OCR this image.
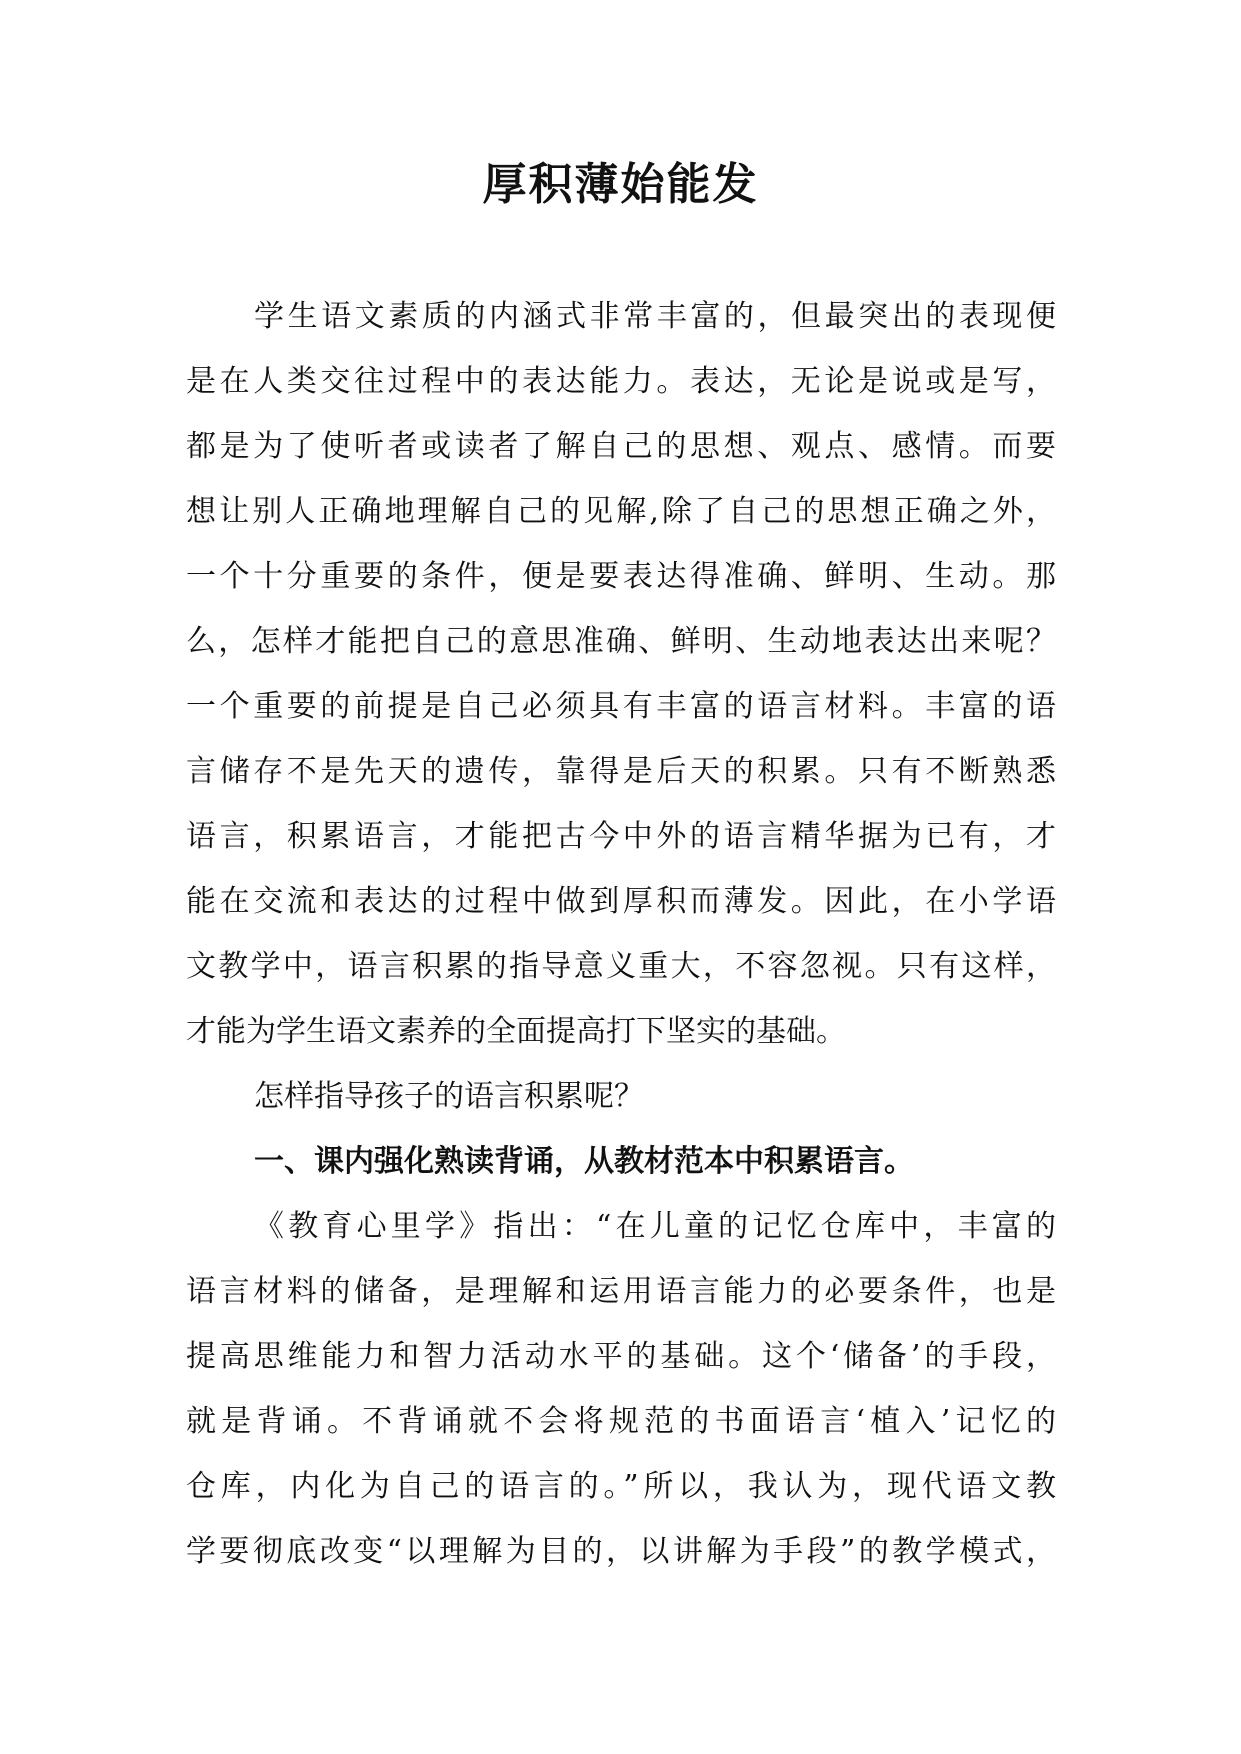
厚积薄始能发
学生语文素质的内涵式非常丰富的，但最突出的表现便
是在人类交往过程中的表达能力。表达，无论是说或是写，
都是为了使听者或读者了解自己的思想、观点、感情。而要
想让别人正确地理解自己的见解,除了自己的思想正确之外，
一个十分重要的条件，便是要表达得准确、鲜明、生动。那
么，怎样才能把自己的意思准确、鲜明、生动地表达出来呢？
一个重要的前提是自己必须具有丰富的语言材料。丰富的语
言储存不是先天的遗传，靠得是后天的积累。只有不断熟悉
语言，积累语言，才能把古今中外的语言精华据为已有，才
能在交流和表达的过程中做到厚积而薄发。因此，在小学语
文教学中，语言积累的指导意义重大，不容忽视。只有这样，
才能为学生语文素养的全面提高打下坚实的基础。
怎样指导孩子的语言积累呢？
一、课内强化熟读背诵，从教材范本中积累语言。
《教育心里学》指出：“在儿童的记忆仓库中，丰富的
语言材料的储备，是理解和运用语言能力的必要条件，也是
提高思维能力和智力活动水平的基础。这个‘储备’的手段，
就是背诵。不背诵就不会将规范的书面语言‘植入’记忆的
仓库，内化为自己的语言的。”所以，我认为，现代语文教
学要彻底改变“以理解为目的，以讲解为手段”的教学模式，
